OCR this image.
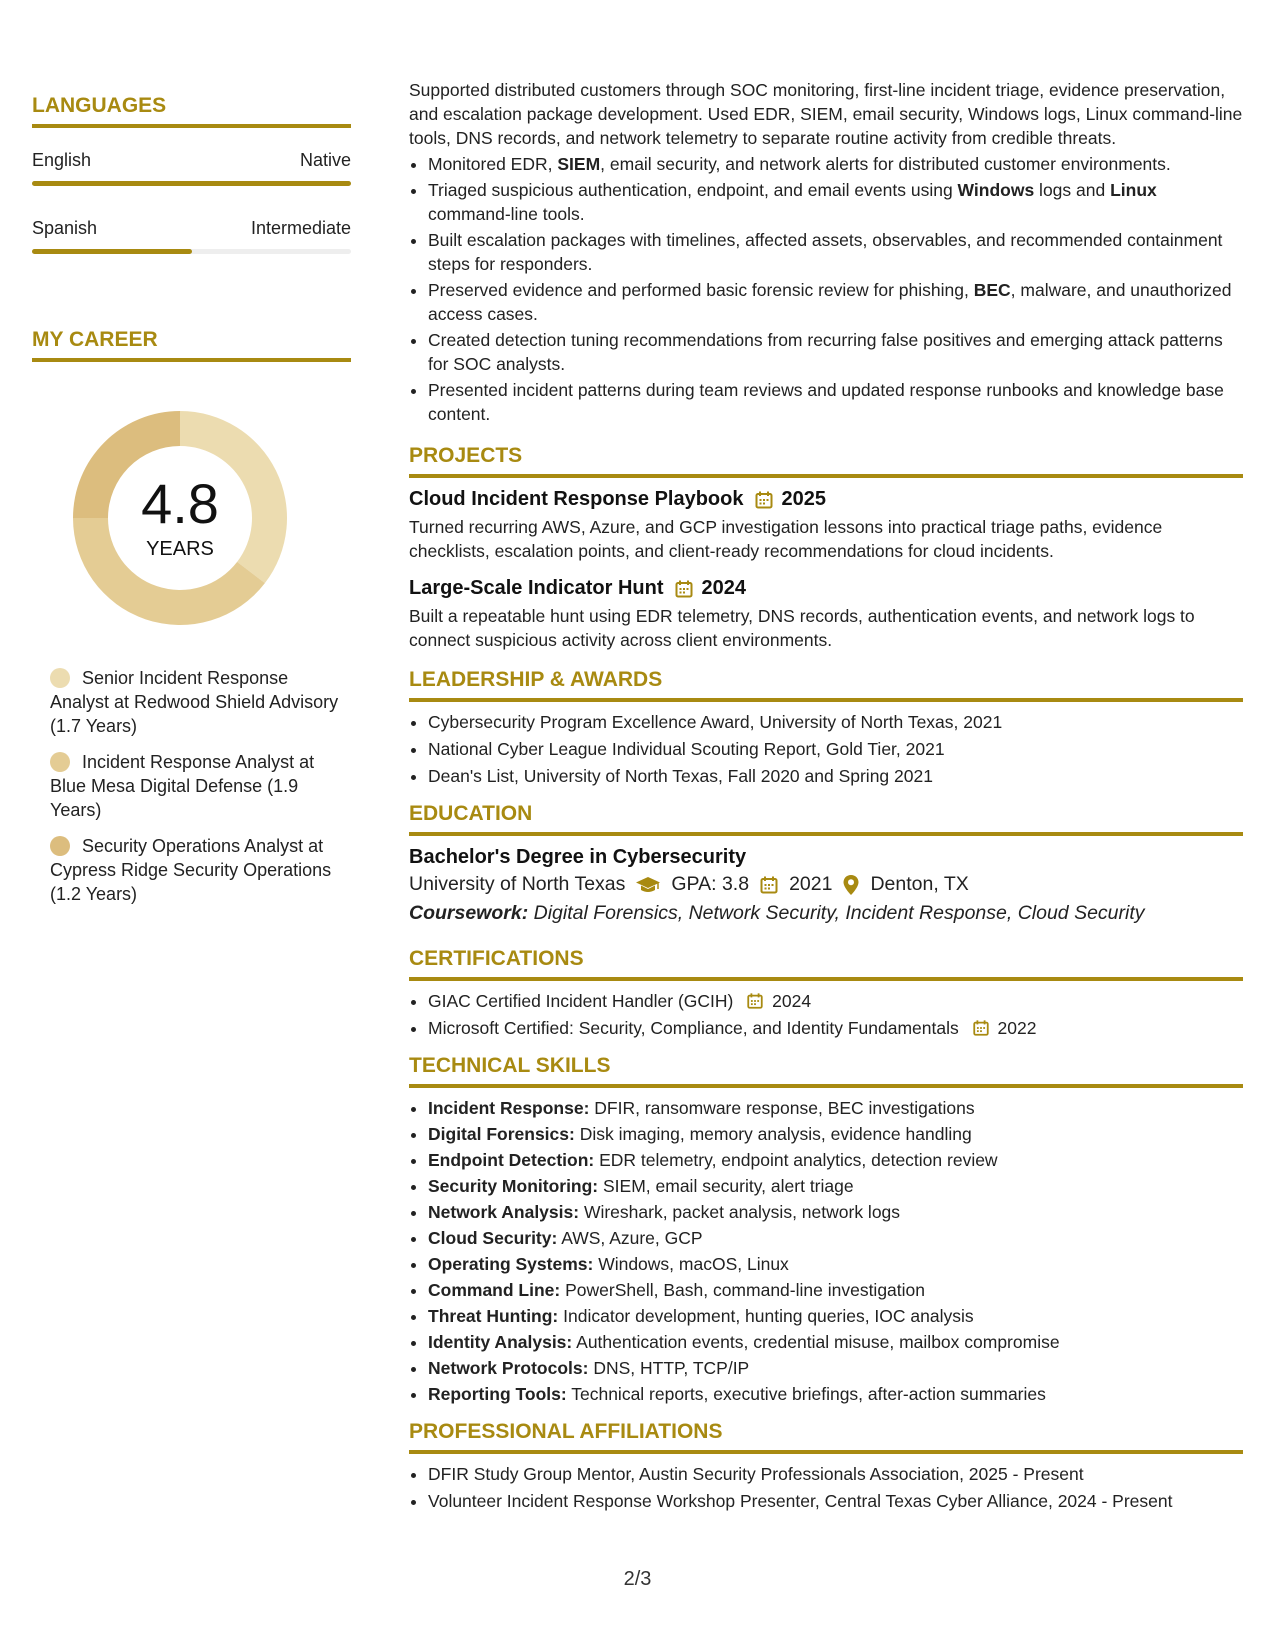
LANGUAGES
English	Native
Spanish	Intermediate
MY CAREER
4.8
YEARS
Senior Incident Response Analyst at Redwood Shield Advisory (1.7 Years)
Incident Response Analyst at Blue Mesa Digital Defense (1.9 Years)
Security Operations Analyst at Cypress Ridge Security Operations (1.2 Years)

Supported distributed customers through SOC monitoring, first-line incident triage, evidence preservation, and escalation package development. Used EDR, SIEM, email security, Windows logs, Linux command-line tools, DNS records, and network telemetry to separate routine activity from credible threats.

• Monitored EDR, SIEM, email security, and network alerts for distributed customer environments.
• Triaged suspicious authentication, endpoint, and email events using Windows logs and Linux command-line tools.
• Built escalation packages with timelines, affected assets, observables, and recommended containment steps for responders.
• Preserved evidence and performed basic forensic review for phishing, BEC, malware, and unauthorized access cases.
• Created detection tuning recommendations from recurring false positives and emerging attack patterns for SOC analysts.
• Presented incident patterns during team reviews and updated response runbooks and knowledge base content.
PROJECTS
Cloud Incident Response Playbook 2025

Turned recurring AWS, Azure, and GCP investigation lessons into practical triage paths, evidence checklists, escalation points, and client-ready recommendations for cloud incidents.

Large-Scale Indicator Hunt 2024

Built a repeatable hunt using EDR telemetry, DNS records, authentication events, and network logs to connect suspicious activity across client environments.

LEADERSHIP & AWARDS
• Cybersecurity Program Excellence Award, University of North Texas, 2021
• National Cyber League Individual Scouting Report, Gold Tier, 2021
• Dean's List, University of North Texas, Fall 2020 and Spring 2021
EDUCATION
Bachelor's Degree in Cybersecurity
University of North Texas GPA: 3.8 2021 Denton, TX
Coursework: Digital Forensics, Network Security, Incident Response, Cloud Security
CERTIFICATIONS
• GIAC Certified Incident Handler (GCIH) 2024
• Microsoft Certified: Security, Compliance, and Identity Fundamentals 2022
TECHNICAL SKILLS
• Incident Response: DFIR, ransomware response, BEC investigations
• Digital Forensics: Disk imaging, memory analysis, evidence handling
• Endpoint Detection: EDR telemetry, endpoint analytics, detection review
• Security Monitoring: SIEM, email security, alert triage
• Network Analysis: Wireshark, packet analysis, network logs
• Cloud Security: AWS, Azure, GCP
• Operating Systems: Windows, macOS, Linux
• Command Line: PowerShell, Bash, command-line investigation
• Threat Hunting: Indicator development, hunting queries, IOC analysis
• Identity Analysis: Authentication events, credential misuse, mailbox compromise
• Network Protocols: DNS, HTTP, TCP/IP
• Reporting Tools: Technical reports, executive briefings, after-action summaries
PROFESSIONAL AFFILIATIONS
• DFIR Study Group Mentor, Austin Security Professionals Association, 2025 - Present
• Volunteer Incident Response Workshop Presenter, Central Texas Cyber Alliance, 2024 - Present
2/3
